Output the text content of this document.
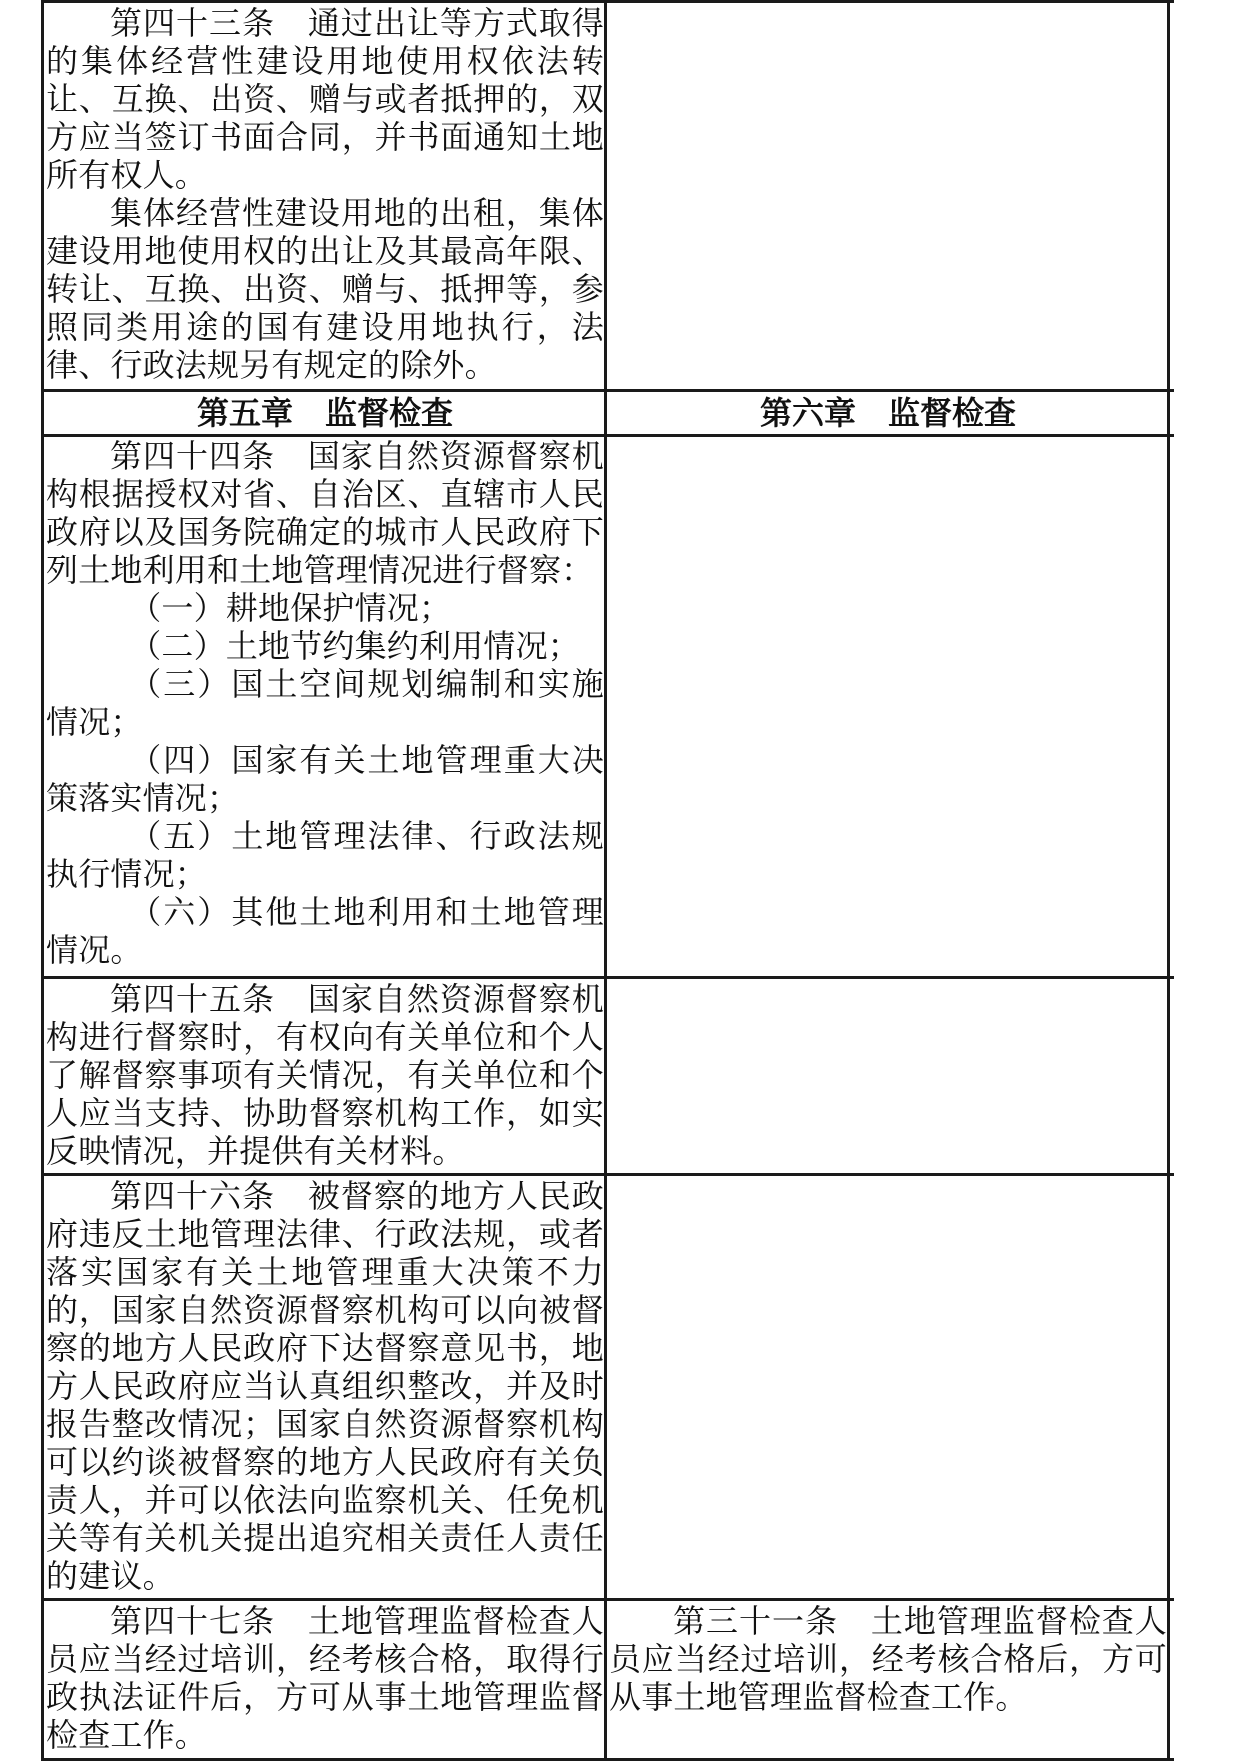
第四十三条　通过出让等方式取得的集体经营性建设用地使用权依法转让、互换、出资、赠与或者抵押的，双方应当签订书面合同，并书面通知土地所有权人。

集体经营性建设用地的出租，集体建设用地使用权的出让及其最高年限、转让、互换、出资、赠与、抵押等，参照同类用途的国有建设用地执行，法律、行政法规另有规定的除外。

第五章　监督检查	第六章　监督检查

第四十四条　国家自然资源督察机构根据授权对省、自治区、直辖市人民政府以及国务院确定的城市人民政府下列土地利用和土地管理情况进行督察：

（一）耕地保护情况；

（二）土地节约集约利用情况；

（三）国土空间规划编制和实施情况；

（四）国家有关土地管理重大决策落实情况；

（五）土地管理法律、行政法规执行情况；

（六）其他土地利用和土地管理情况。

第四十五条　国家自然资源督察机构进行督察时，有权向有关单位和个人了解督察事项有关情况，有关单位和个人应当支持、协助督察机构工作，如实反映情况，并提供有关材料。

第四十六条　被督察的地方人民政府违反土地管理法律、行政法规，或者落实国家有关土地管理重大决策不力的，国家自然资源督察机构可以向被督察的地方人民政府下达督察意见书，地方人民政府应当认真组织整改，并及时报告整改情况；国家自然资源督察机构可以约谈被督察的地方人民政府有关负责人，并可以依法向监察机关、任免机关等有关机关提出追究相关责任人责任的建议。

第四十七条　土地管理监督检查人员应当经过培训，经考核合格，取得行政执法证件后，方可从事土地管理监督检查工作。

第三十一条　土地管理监督检查人员应当经过培训，经考核合格后，方可从事土地管理监督检查工作。
